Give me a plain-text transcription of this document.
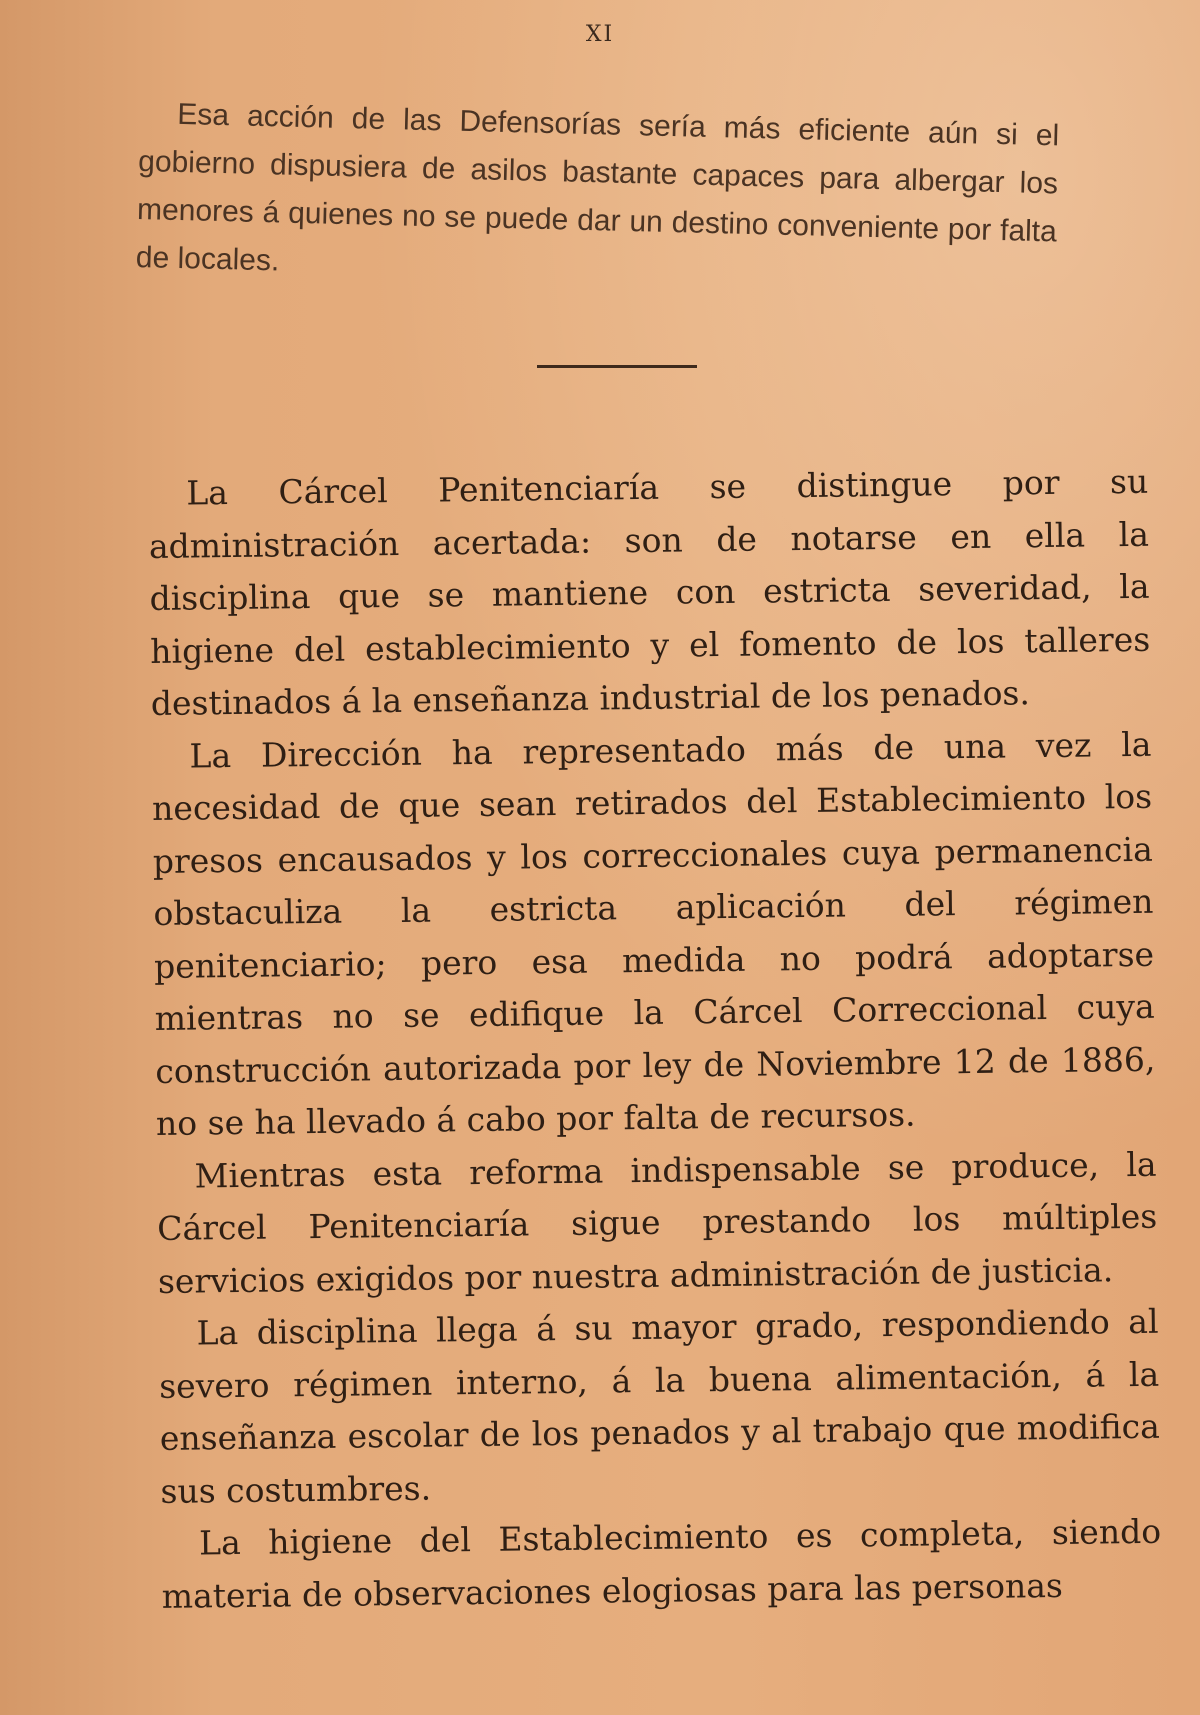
XI

Esa acción de las Defensorías sería más eficiente aún si el gobierno dispusiera de asilos bastante capaces para albergar los menores á quienes no se puede dar un destino conveniente por falta de locales.

La Cárcel Penitenciaría se distingue por su administración acertada: son de notarse en ella la disciplina que se mantiene con estricta severidad, la higiene del establecimiento y el fomento de los talleres destinados á la enseñanza industrial de los penados.

La Dirección ha representado más de una vez la necesidad de que sean retirados del Establecimiento los presos encausados y los correccionales cuya permanencia obstaculiza la estricta aplicación del régimen penitenciario; pero esa medida no podrá adoptarse mientras no se edifique la Cárcel Correccional cuya construcción autorizada por ley de Noviembre 12 de 1886, no se ha llevado á cabo por falta de recursos.

Mientras esta reforma indispensable se produce, la Cárcel Penitenciaría sigue prestando los múltiples servicios exigidos por nuestra administración de justicia.

La disciplina llega á su mayor grado, respondiendo al severo régimen interno, á la buena alimentación, á la enseñanza escolar de los penados y al trabajo que modifica sus costumbres.

La higiene del Establecimiento es completa, siendo materia de observaciones elogiosas para las personas
